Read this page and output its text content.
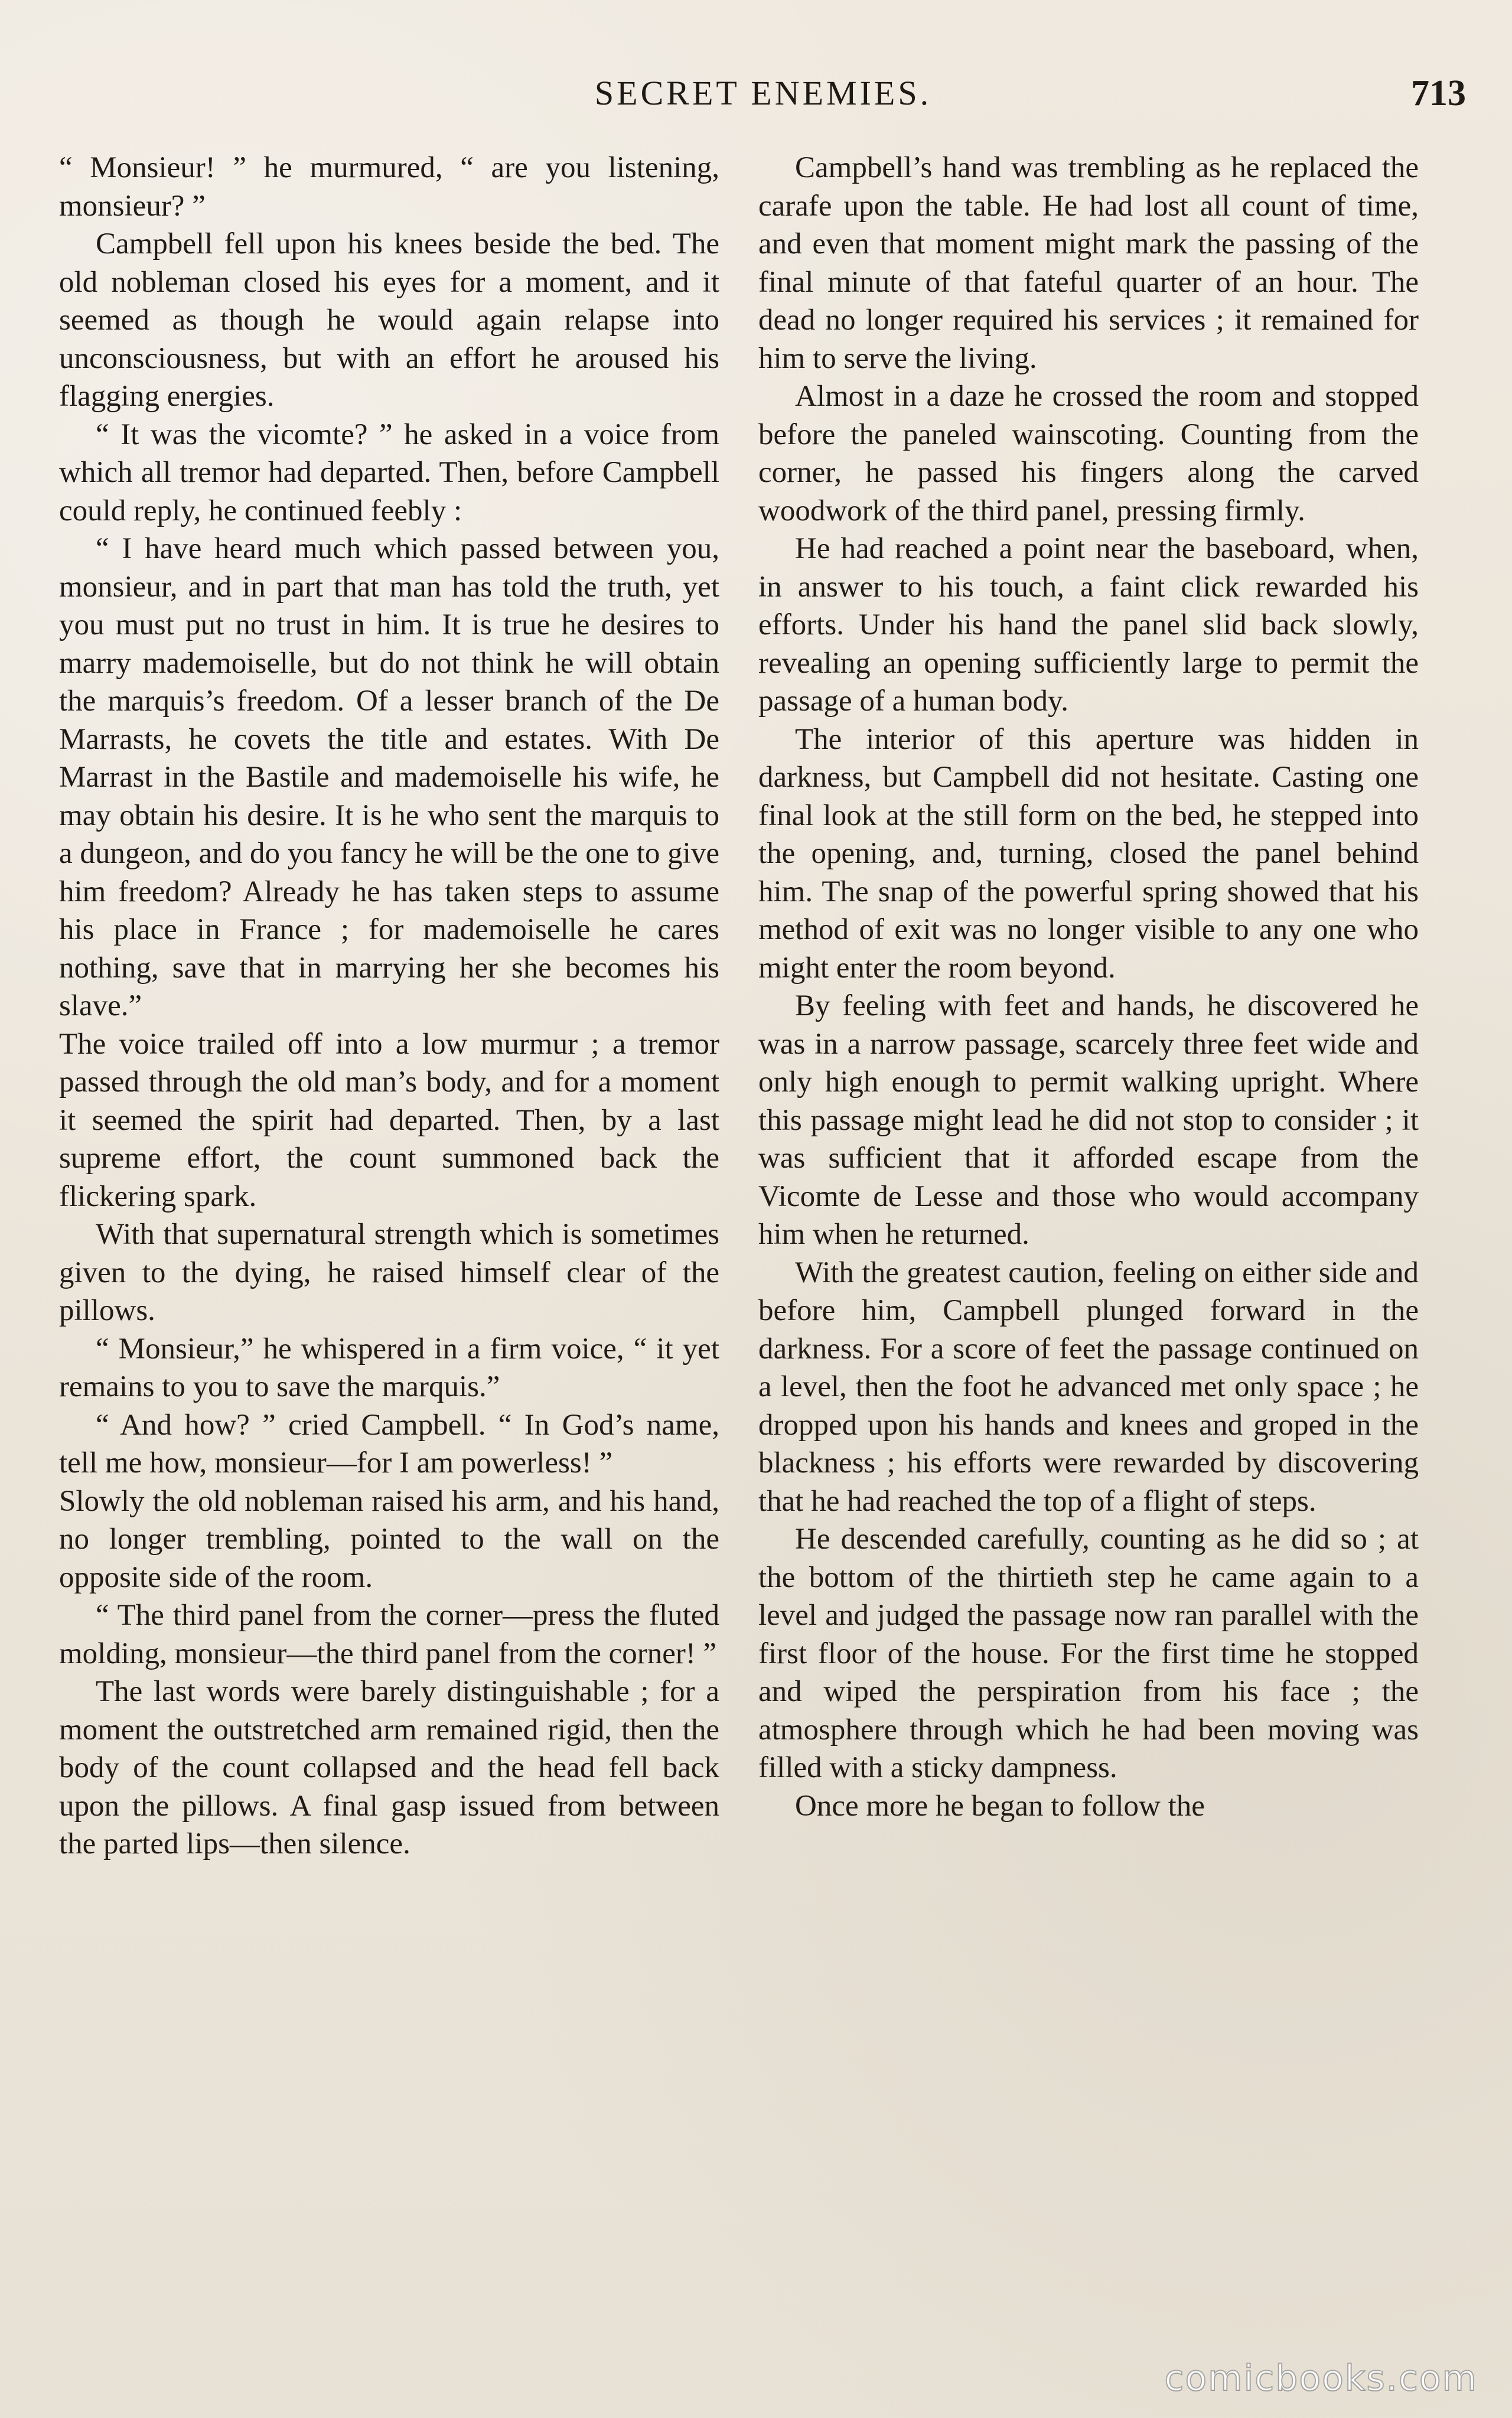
SECRET ENEMIES.	713

“ Monsieur! ” he murmured, “ are you listening, monsieur? ”

Campbell fell upon his knees beside the bed. The old nobleman closed his eyes for a moment, and it seemed as though he would again relapse into unconsciousness, but with an effort he aroused his flagging energies.

“ It was the vicomte? ” he asked in a voice from which all tremor had departed. Then, before Campbell could reply, he continued feebly :

“ I have heard much which passed between you, monsieur, and in part that man has told the truth, yet you must put no trust in him. It is true he desires to marry mademoiselle, but do not think he will obtain the marquis’s freedom. Of a lesser branch of the De Marrasts, he covets the title and estates. With De Marrast in the Bastile and mademoiselle his wife, he may obtain his desire. It is he who sent the marquis to a dungeon, and do you fancy he will be the one to give him freedom? Already he has taken steps to assume his place in France ; for mademoiselle he cares nothing, save that in marrying her she becomes his slave.”

The voice trailed off into a low murmur ; a tremor passed through the old man’s body, and for a moment it seemed the spirit had departed. Then, by a last supreme effort, the count summoned back the flickering spark.

With that supernatural strength which is sometimes given to the dying, he raised himself clear of the pillows.

“ Monsieur,” he whispered in a firm voice, “ it yet remains to you to save the marquis.”

“ And how? ” cried Campbell. “ In God’s name, tell me how, monsieur—for I am powerless! ”

Slowly the old nobleman raised his arm, and his hand, no longer trembling, pointed to the wall on the opposite side of the room.

“ The third panel from the corner—press the fluted molding, monsieur—the third panel from the corner! ”

The last words were barely distinguishable ; for a moment the outstretched arm remained rigid, then the body of the count collapsed and the head fell back upon the pillows. A final gasp issued from between the parted lips—then silence.

Campbell’s hand was trembling as he replaced the carafe upon the table. He had lost all count of time, and even that moment might mark the passing of the final minute of that fateful quarter of an hour. The dead no longer required his services ; it remained for him to serve the living.

Almost in a daze he crossed the room and stopped before the paneled wainscoting. Counting from the corner, he passed his fingers along the carved woodwork of the third panel, pressing firmly.

He had reached a point near the baseboard, when, in answer to his touch, a faint click rewarded his efforts. Under his hand the panel slid back slowly, revealing an opening sufficiently large to permit the passage of a human body.

The interior of this aperture was hidden in darkness, but Campbell did not hesitate. Casting one final look at the still form on the bed, he stepped into the opening, and, turning, closed the panel behind him. The snap of the powerful spring showed that his method of exit was no longer visible to any one who might enter the room beyond.

By feeling with feet and hands, he discovered he was in a narrow passage, scarcely three feet wide and only high enough to permit walking upright. Where this passage might lead he did not stop to consider ; it was sufficient that it afforded escape from the Vicomte de Lesse and those who would accompany him when he returned.

With the greatest caution, feeling on either side and before him, Campbell plunged forward in the darkness. For a score of feet the passage continued on a level, then the foot he advanced met only space ; he dropped upon his hands and knees and groped in the blackness ; his efforts were rewarded by discovering that he had reached the top of a flight of steps.

He descended carefully, counting as he did so ; at the bottom of the thirtieth step he came again to a level and judged the passage now ran parallel with the first floor of the house. For the first time he stopped and wiped the perspiration from his face ; the atmosphere through which he had been moving was filled with a sticky dampness.

Once more he began to follow the

comicbooks.com
